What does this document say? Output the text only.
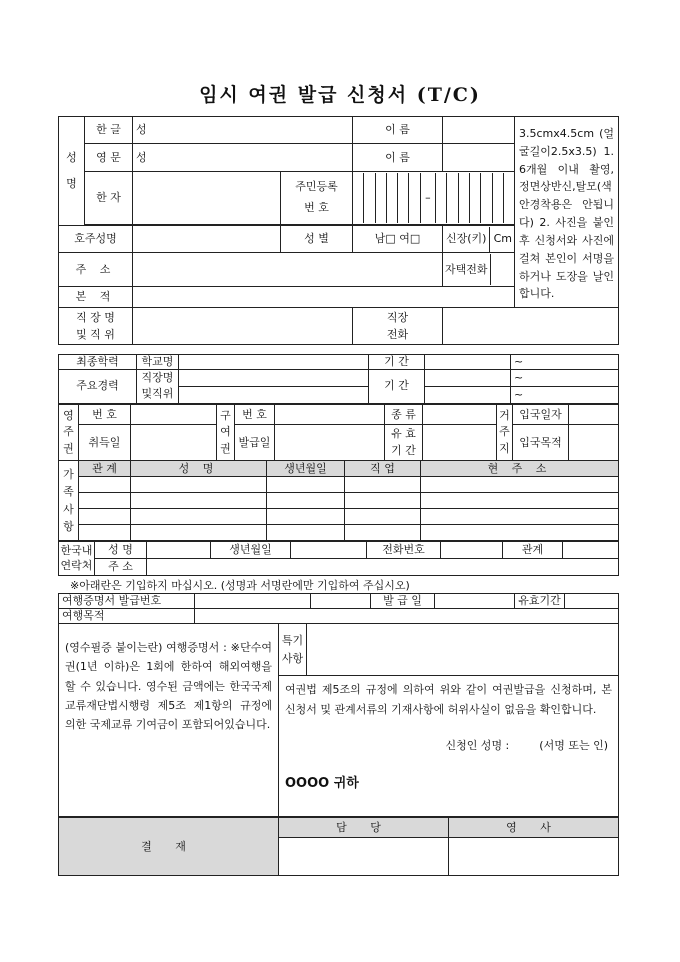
임시 여권 발급 신청서 (T/C)
성명	한 글	성		이 름		3.5cmx4.5cm (얼굴길이2.5x3.5) 1. 6개월 이내 촬영, 정면상반신,탈모(색안경착용은 안됩니다) 2. 사진을 붙인후 신청서와 사진에 걸쳐 본인이 서명을 하거나 도장을 날인합니다.
	영 문	성		이 름		
	한 자		주민등록
번 호	–		

호주성명			성 별	남□ 여□	신장(키) Cm	

주 소					자택전화	

본 적						
직 장 명
및 직 위				직장
전화		
최종학력	학교명		기 간		~
주요경력	직장명
및직위		기 간		~
					~
영주권	번 호		구여권	번 호		종 류		거주지	입국일자	
	취득일			발급일		유 효 기 간			입국목적	
가족사항	관 계	성 명	생년월일	직 업	현 주 소

한국내
연락처	성 명		생년월일		전화번호		관계	
	주 소							
※아래란은 기입하지 마십시오. (성명과 서명란에만 기입하여 주십시오)
여행증명서 발급번호			발 급 일		유효기간	
여행목적						
(영수필증 붙이는란) 여행증명서 : ※단수여권(1년 이하)은 1회에 한하여 해외여행을 할 수 있습니다. 영수된 금액에는 한국국제교류재단법시행령 제5조 제1항의 규정에 의한 국제교류 기여금이 포함되어있습니다.	특기사항	

여권법 제5조의 규정에 의하여 위와 같이 여권발급을 신청하며, 본 신청서 및 관계서류의 기재사항에 허위사실이 없음을 확인합니다.
신청인 성명 :	(서명 또는 인)
OOOO 귀하
결 재	담 당	영 사
